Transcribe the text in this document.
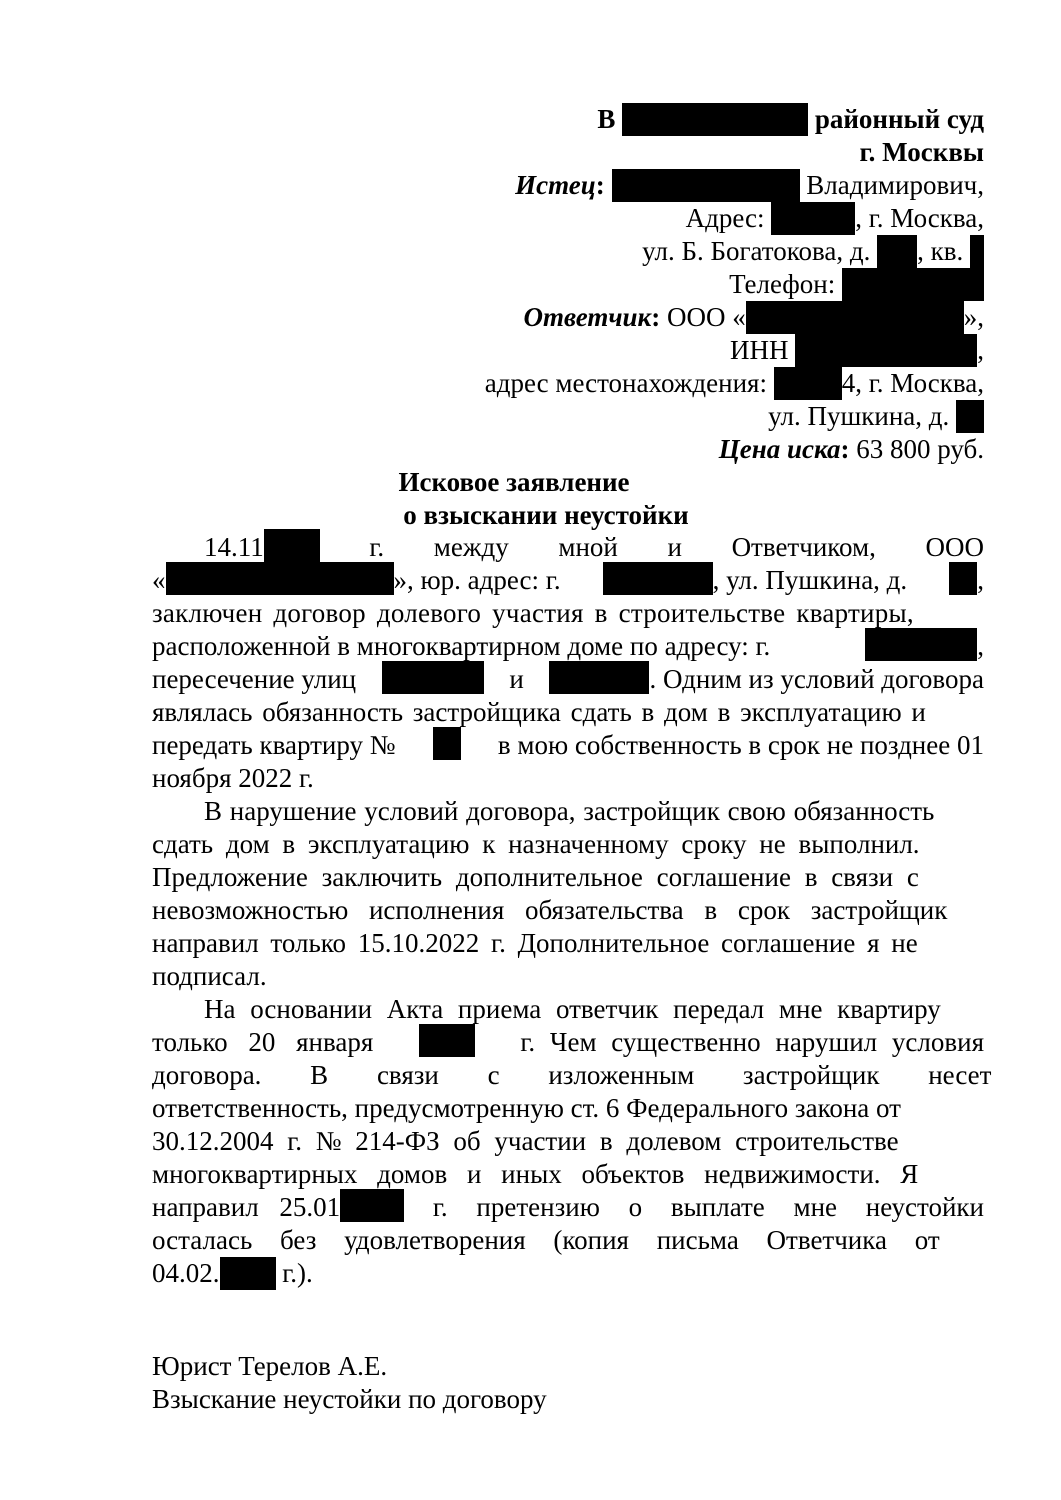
В	районный суд
г. Москвы
Истец:	Владимирович,
Адрес:	, г. Москва,
ул. Б. Богатокова, д. , кв.
Телефон:
Ответчик: ООО «	»,
ИНН	,
адрес местонахождения:	4, г. Москва,
ул. Пушкина, д.
Цена иска: 63 800 руб.
Исковое заявление
о взыскании неустойки
14.11	г. между мной и Ответчиком, ООО
«	», юр. адрес: г.	, ул. Пушкина, д.	,
заключен договор долевого участия в строительстве квартиры,
расположенной в многоквартирном доме по адресу: г.	,
пересечение улиц	и	. Одним из условий договора
являлась обязанность застройщика сдать в дом в эксплуатацию и
передать квартиру №	в мою собственность в срок не позднее 01
ноября 2022 г.
В нарушение условий договора, застройщик свою обязанность
сдать дом в эксплуатацию к назначенному сроку не выполнил.
Предложение заключить дополнительное соглашение в связи с
невозможностью исполнения обязательства в срок застройщик
направил только 15.10.2022 г. Дополнительное соглашение я не
подписал.
На основании Акта приема ответчик передал мне квартиру
только 20 января	г. Чем существенно нарушил условия
договора. В связи с изложенным застройщик несет
ответственность, предусмотренную ст. 6 Федерального закона от
30.12.2004 г. № 214-ФЗ об участии в долевом строительстве
многоквартирных домов и иных объектов недвижимости. Я
направил 25.01	г. претензию о выплате мне неустойки
осталась без удовлетворения (копия письма Ответчика от
04.02. г.).
Юрист Терелов А.Е.
Взыскание неустойки по договору
